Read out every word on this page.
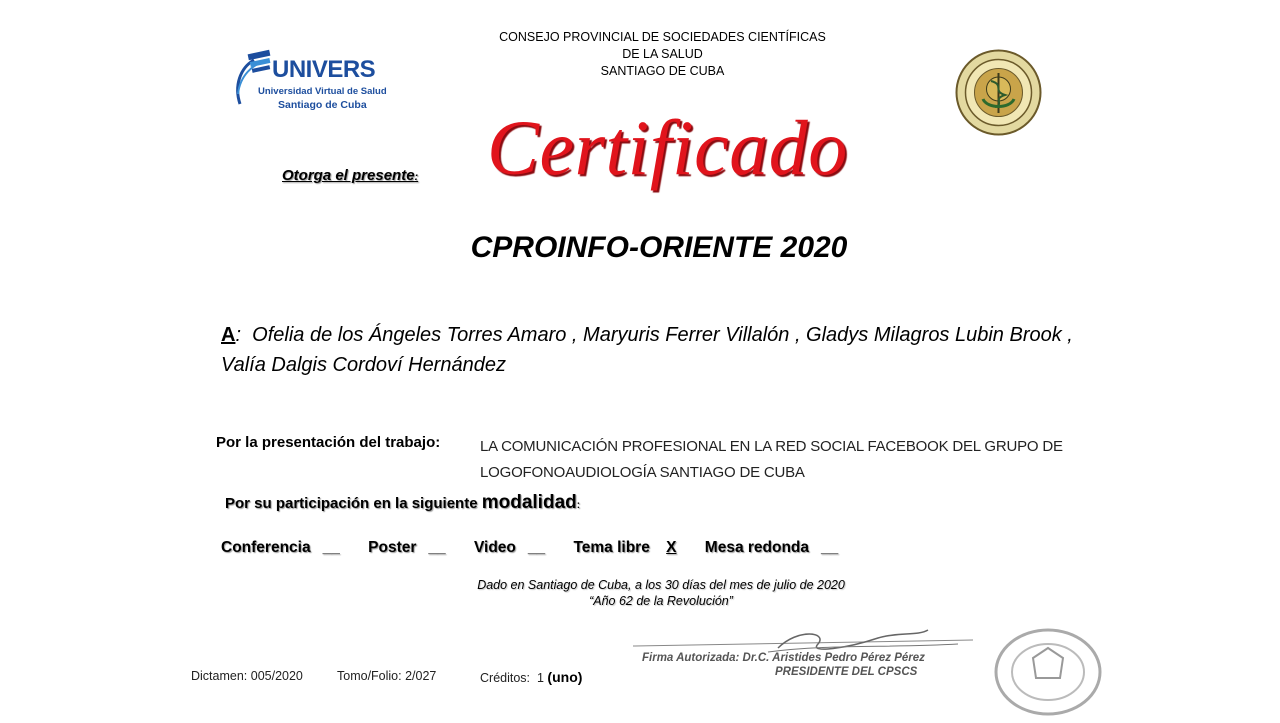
CONSEJO PROVINCIAL DE SOCIEDADES CIENTÍFICAS
DE LA SALUD
SANTIAGO DE CUBA
UNIVERS
Universidad Virtual de Salud
Santiago de Cuba Certificado
Otorga el presente:
CPROINFO-ORIENTE 2020
A: Ofelia de los Ángeles Torres Amaro , Maryuris Ferrer Villalón , Gladys Milagros Lubin Brook , Valía Dalgis Cordoví Hernández
Por la presentación del trabajo:	LA COMUNICACIÓN PROFESIONAL EN LA RED SOCIAL FACEBOOK DEL GRUPO DE LOGOFONOAUDIOLOGÍA SANTIAGO DE CUBA
Por su participación en la siguiente modalidad:
Conferencia __ Poster __ Video __ Tema libre X Mesa redonda __
Dado en Santiago de Cuba, a los 30 días del mes de julio de 2020
“Año 62 de la Revolución”
Firma Autorizada: Dr.C. Aristides Pedro Pérez Pérez
PRESIDENTE DEL CPSCS
Dictamen: 005/2020	Tomo/Folio: 2/027	Créditos: 1 (uno)
